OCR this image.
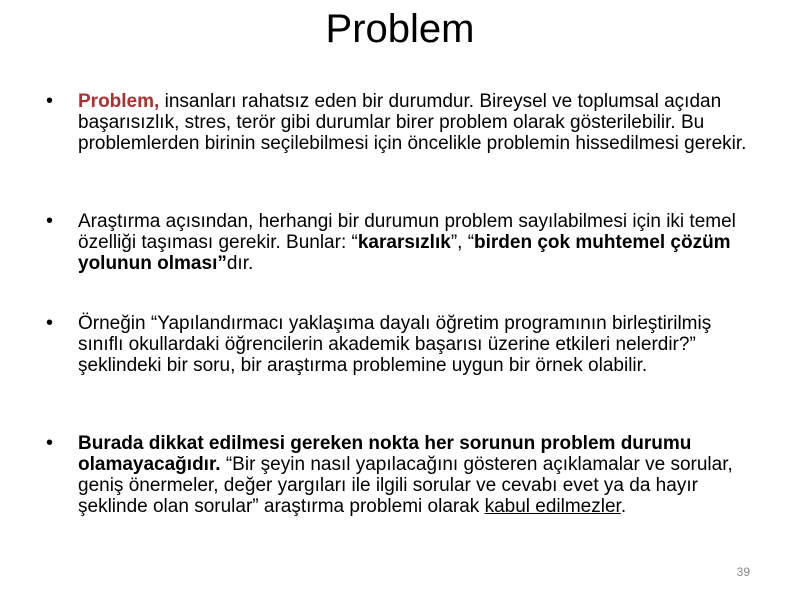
Problem
• Problem, insanları rahatsız eden bir durumdur. Bireysel ve toplumsal açıdan başarısızlık, stres, terör gibi durumlar birer problem olarak gösterilebilir. Bu problemlerden birinin seçilebilmesi için öncelikle problemin hissedilmesi gerekir.
• Araştırma açısından, herhangi bir durumun problem sayılabilmesi için iki temel özelliği taşıması gerekir. Bunlar: “kararsızlık”, “birden çok muhtemel çözüm yolunun olması”dır.
• Örneğin “Yapılandırmacı yaklaşıma dayalı öğretim programının birleştirilmiş sınıflı okullardaki öğrencilerin akademik başarısı üzerine etkileri nelerdir?” şeklindeki bir soru, bir araştırma problemine uygun bir örnek olabilir.
• Burada dikkat edilmesi gereken nokta her sorunun problem durumu olamayacağıdır. “Bir şeyin nasıl yapılacağını gösteren açıklamalar ve sorular, geniş önermeler, değer yargıları ile ilgili sorular ve cevabı evet ya da hayır şeklinde olan sorular” araştırma problemi olarak kabul edilmezler.
39
